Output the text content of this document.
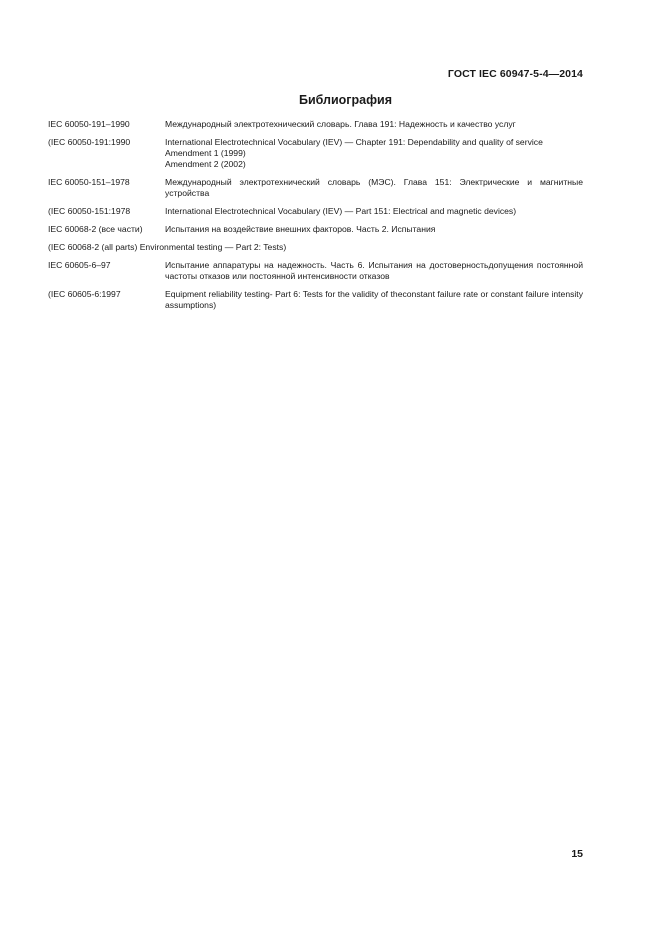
ГОСТ IEC 60947-5-4—2014
Библиография
IEC 60050-191–1990	Международный электротехнический словарь. Глава 191: Надежность и качество услуг
(IEC 60050-191:1990	International Electrotechnical Vocabulary (IEV) — Chapter 191: Dependability and quality of service
Amendment 1 (1999)
Amendment 2 (2002)
IEC 60050-151–1978	Международный электротехнический словарь (МЭС). Глава 151: Электрические и магнитные устройства
(IEC 60050-151:1978	International Electrotechnical Vocabulary (IEV) — Part 151: Electrical and magnetic devices)
IEC 60068-2 (все части)	Испытания на воздействие внешних факторов. Часть 2. Испытания
(IEC 60068-2 (all parts) Environmental testing — Part 2: Tests)
IEC 60605-6–97	Испытание аппаратуры на надежность. Часть 6. Испытания на достоверностьдопущения постоянной частоты отказов или постоянной интенсивности отказов
(IEC 60605-6:1997	Equipment reliability testing- Part 6: Tests for the validity of theconstant failure rate or constant failure intensity assumptions)
15
